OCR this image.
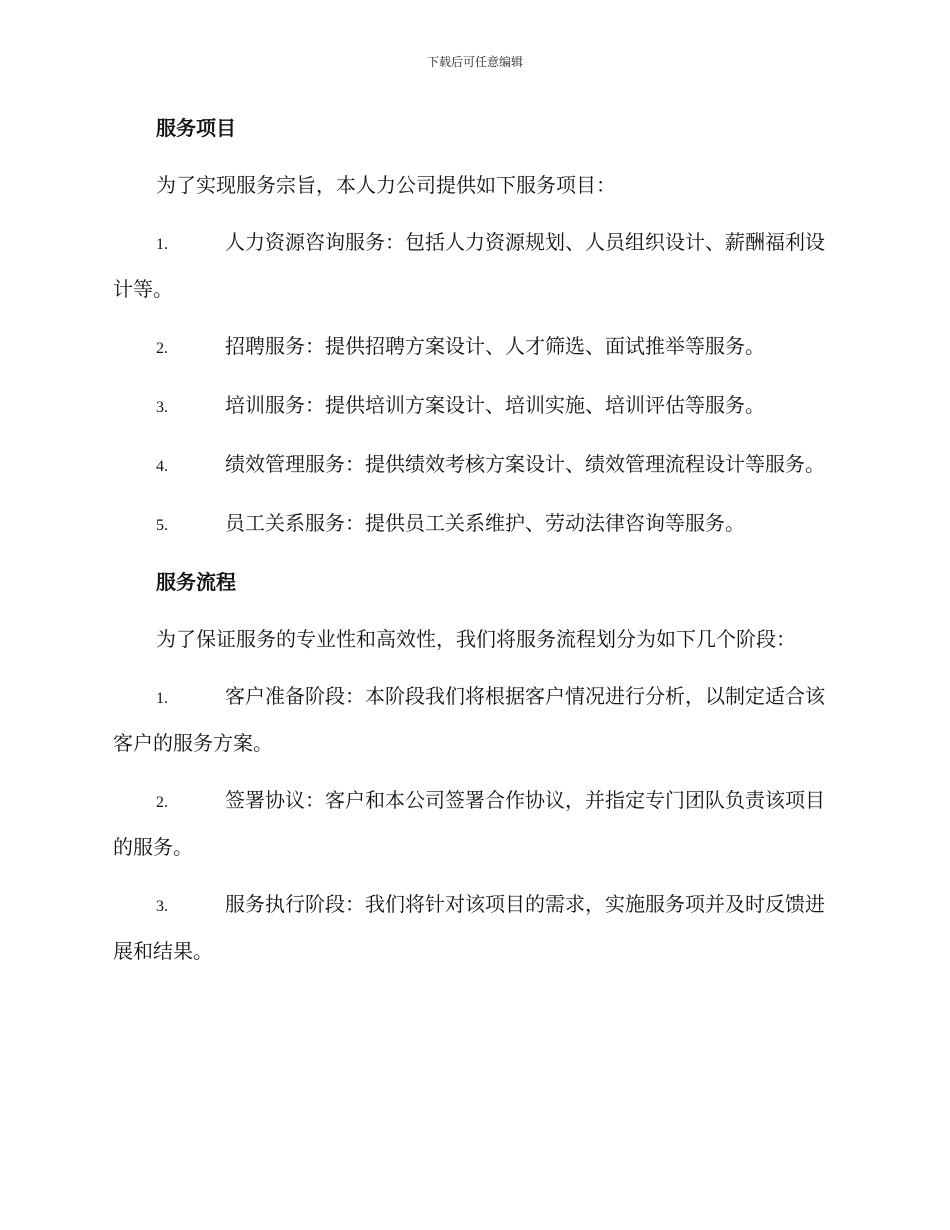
下载后可任意编辑
服务项目
为了实现服务宗旨，本人力公司提供如下服务项目：
1.	人力资源咨询服务：包括人力资源规划、人员组织设计、薪酬福利设计等。
2.	招聘服务：提供招聘方案设计、人才筛选、面试推举等服务。
3.	培训服务：提供培训方案设计、培训实施、培训评估等服务。
4.	绩效管理服务：提供绩效考核方案设计、绩效管理流程设计等服务。
5.	员工关系服务：提供员工关系维护、劳动法律咨询等服务。
服务流程
为了保证服务的专业性和高效性，我们将服务流程划分为如下几个阶段：
1.	客户准备阶段：本阶段我们将根据客户情况进行分析，以制定适合该客户的服务方案。
2.	签署协议：客户和本公司签署合作协议，并指定专门团队负责该项目的服务。
3.	服务执行阶段：我们将针对该项目的需求，实施服务项并及时反馈进展和结果。
